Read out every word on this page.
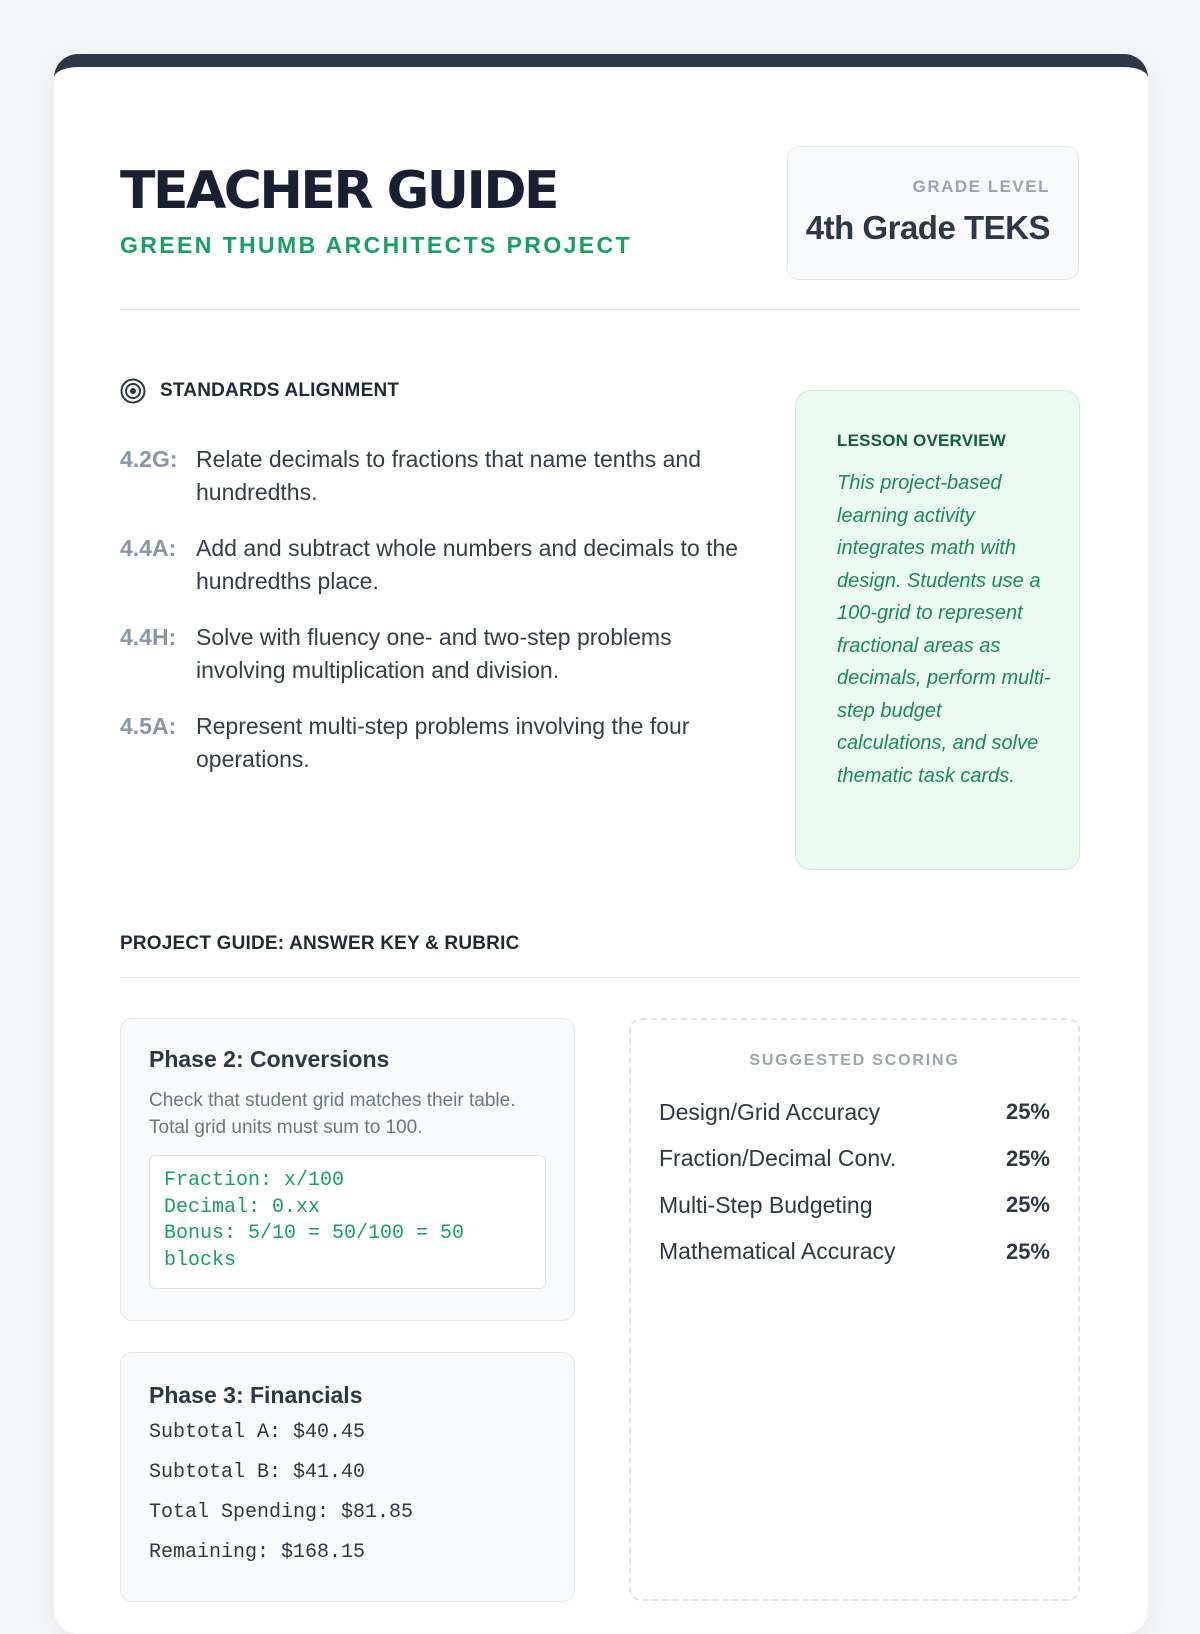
TEACHER GUIDE
GREEN THUMB ARCHITECTS PROJECT
GRADE LEVEL
4th Grade TEKS
STANDARDS ALIGNMENT
4.2G: Relate decimals to fractions that name tenths and hundredths.
4.4A: Add and subtract whole numbers and decimals to the hundredths place.
4.4H: Solve with fluency one- and two-step problems involving multiplication and division.
4.5A: Represent multi-step problems involving the four operations.
LESSON OVERVIEW
This project-based learning activity integrates math with design. Students use a 100-grid to represent fractional areas as decimals, perform multi-step budget calculations, and solve thematic task cards.
PROJECT GUIDE: ANSWER KEY & RUBRIC
Phase 2: Conversions
Check that student grid matches their table. Total grid units must sum to 100.
Fraction: x/100
Decimal: 0.xx
Bonus: 5/10 = 50/100 = 50 blocks
Phase 3: Financials
Subtotal A: $40.45
Subtotal B: $41.40
Total Spending: $81.85
Remaining: $168.15
SUGGESTED SCORING
Design/Grid Accuracy	25%
Fraction/Decimal Conv.	25%
Multi-Step Budgeting	25%
Mathematical Accuracy	25%
